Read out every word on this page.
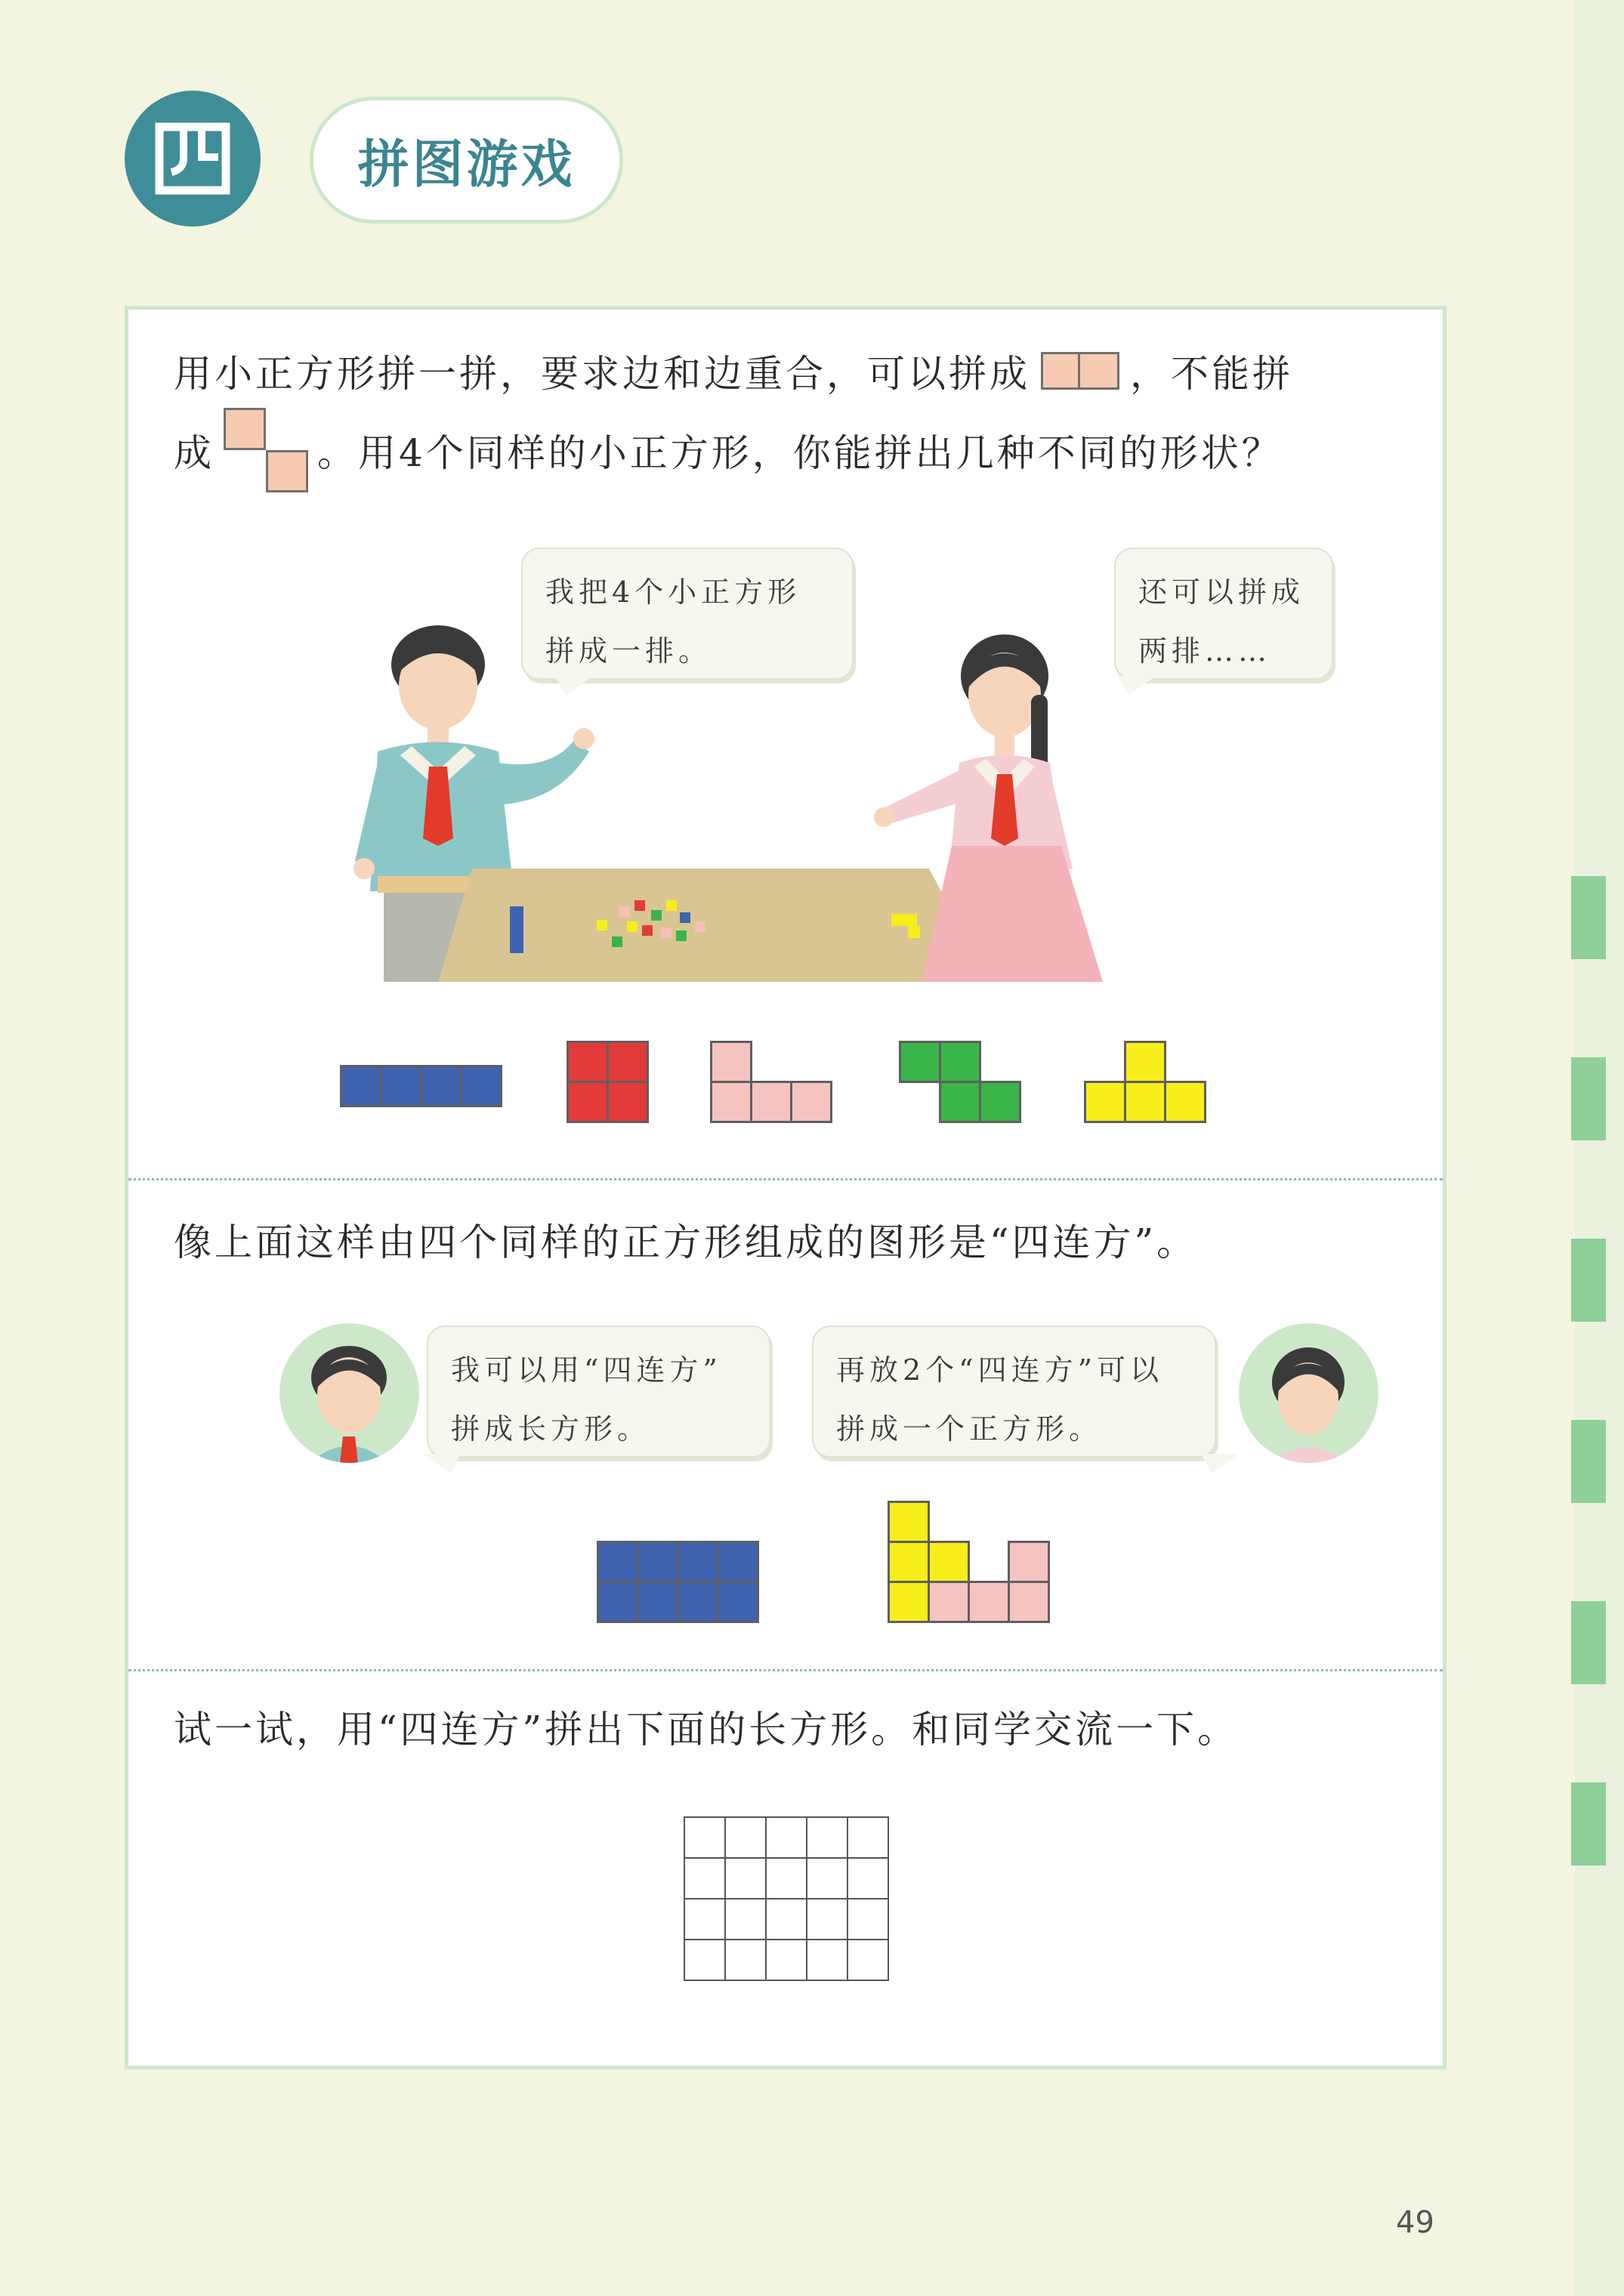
拼图游戏
用小正方形拼一拼，要求边和边重合，可以拼成	，不能拼
成	。用4个同样的小正方形，你能拼出几种不同的形状？
我把4个小正方形
拼成一排。
还可以拼成
两排……
像上面这样由四个同样的正方形组成的图形是“四连方”。
我可以用“四连方”
拼成长方形。
再放2个“四连方”可以
拼成一个正方形。
试一试，用“四连方”拼出下面的长方形。和同学交流一下。
49
